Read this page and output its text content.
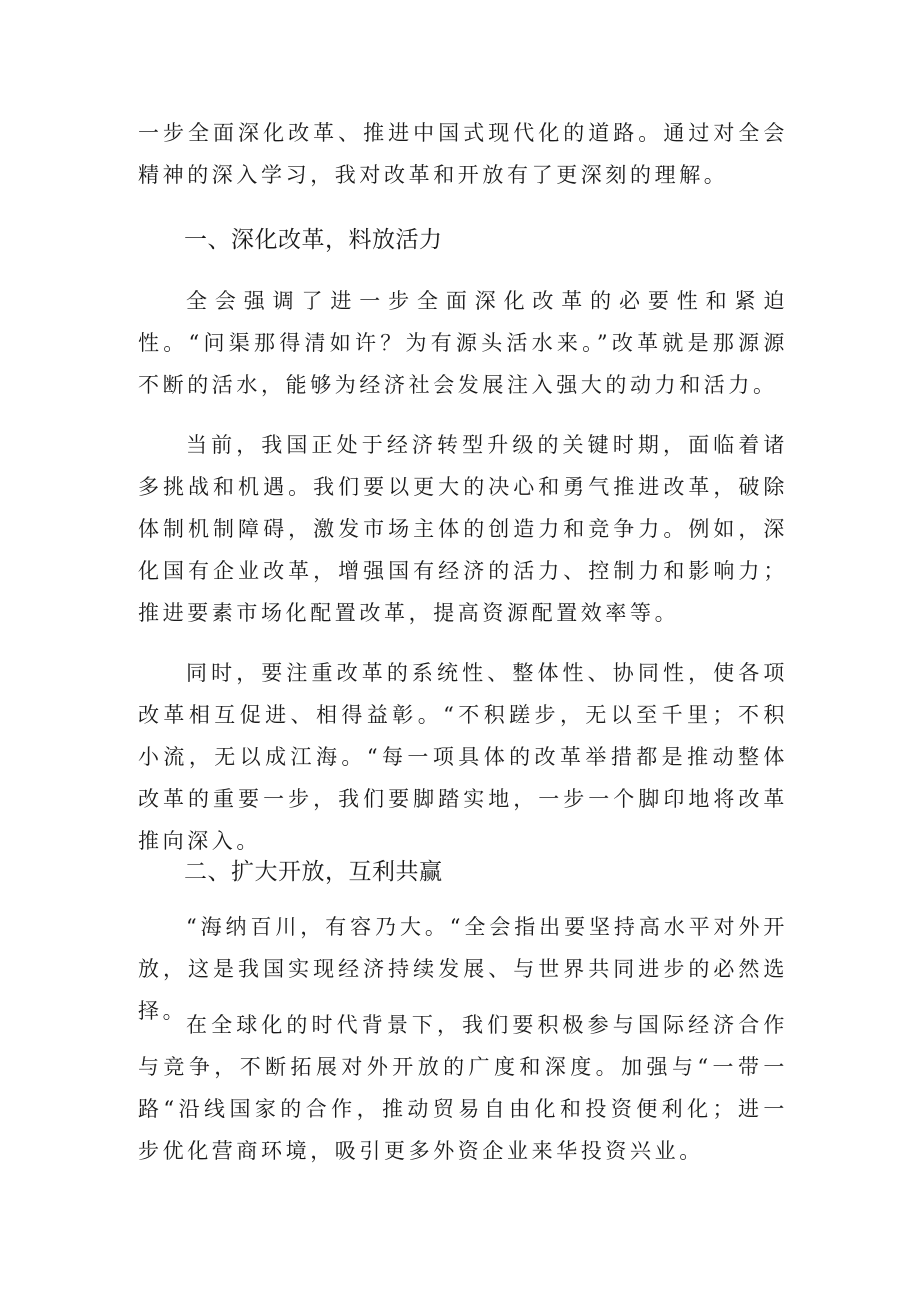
一步全面深化改革、推进中国式现代化的道路。通过对全会精神的深入学习，我对改革和开放有了更深刻的理解。

一、深化改革，料放活力

全会强调了进一步全面深化改革的必要性和紧迫性。“问渠那得清如许？为有源头活水来。”改革就是那源源不断的活水，能够为经济社会发展注入强大的动力和活力。

当前，我国正处于经济转型升级的关键时期，面临着诸多挑战和机遇。我们要以更大的决心和勇气推进改革，破除体制机制障碍，激发市场主体的创造力和竞争力。例如，深化国有企业改革，增强国有经济的活力、控制力和影响力；推进要素市场化配置改革，提高资源配置效率等。

同时，要注重改革的系统性、整体性、协同性，使各项改革相互促进、相得益彰。“不积蹉步，无以至千里；不积小流，无以成江海。“每一项具体的改革举措都是推动整体改革的重要一步，我们要脚踏实地，一步一个脚印地将改革推向深入。

二、扩大开放，互利共赢

“海纳百川，有容乃大。“全会指出要坚持高水平对外开放，这是我国实现经济持续发展、与世界共同进步的必然选择。

在全球化的时代背景下，我们要积极参与国际经济合作与竞争，不断拓展对外开放的广度和深度。加强与“一带一路“沿线国家的合作，推动贸易自由化和投资便利化；进一步优化营商环境，吸引更多外资企业来华投资兴业。
